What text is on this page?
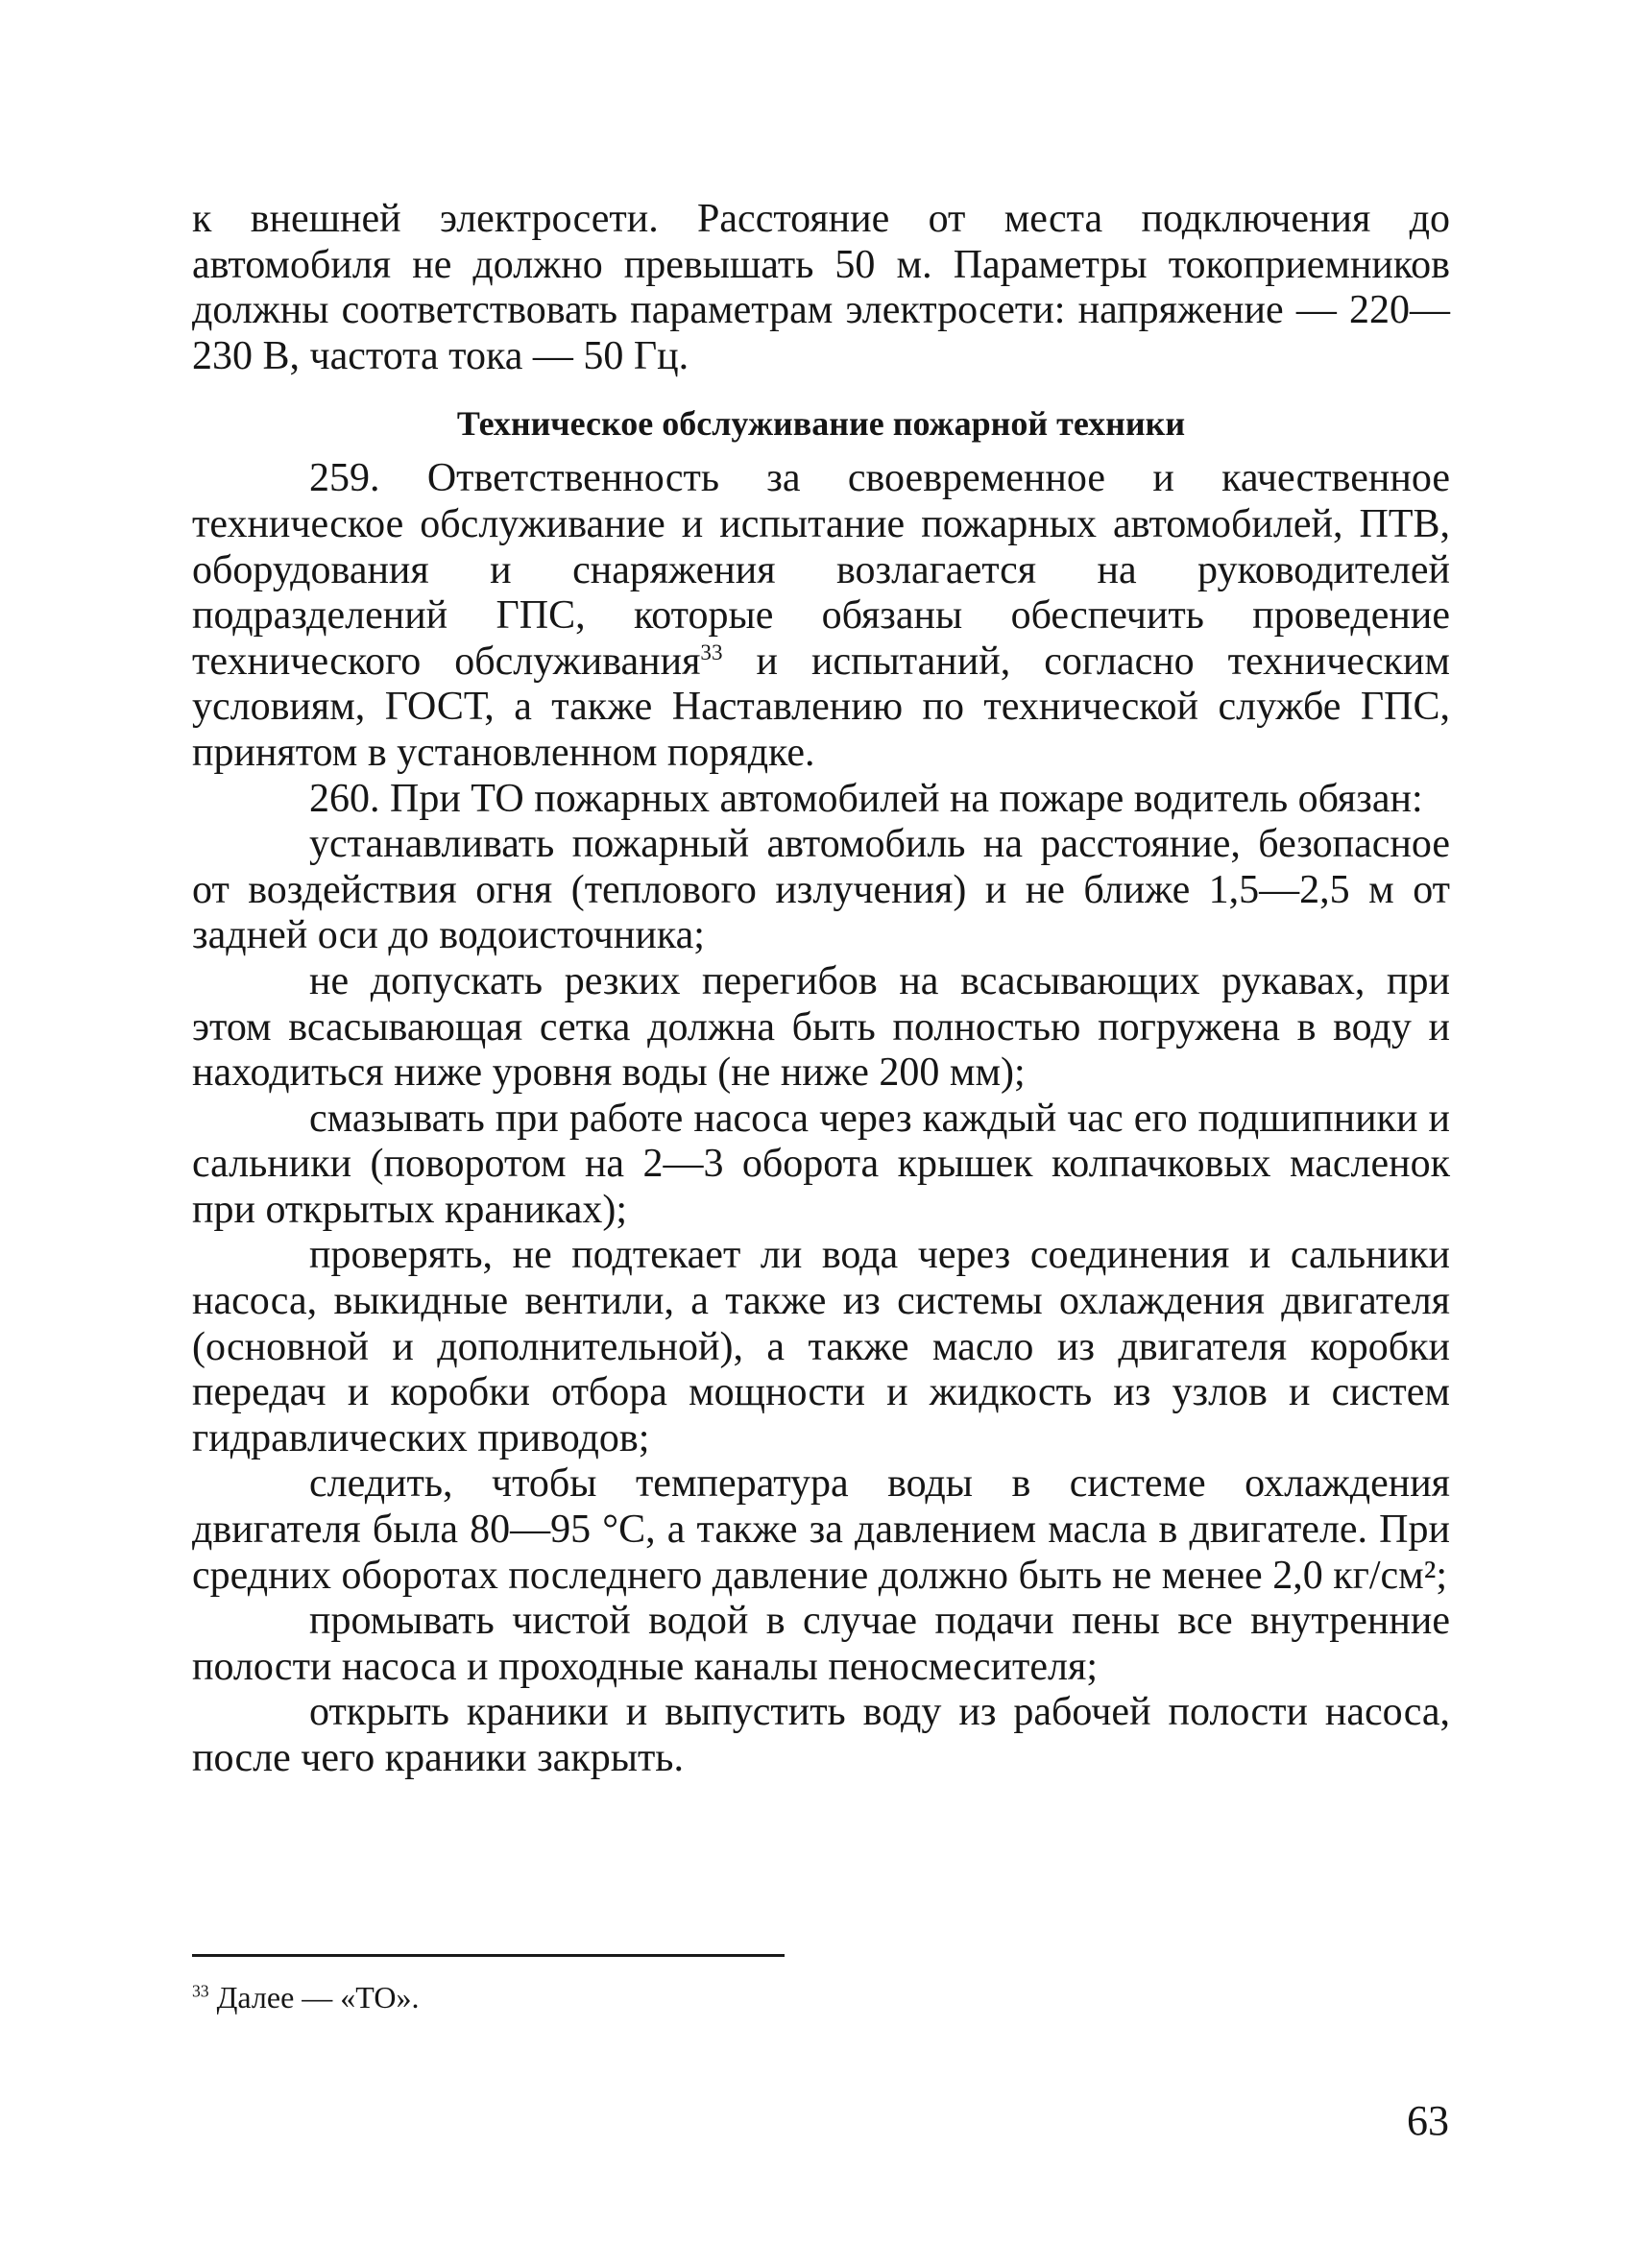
к внешней электросети. Расстояние от места подключения до автомобиля не должно превышать 50 м. Параметры токоприемников должны соответствовать параметрам электросети: напряжение — 220—230 В, частота тока — 50 Гц.

Техническое обслуживание пожарной техники

259. Ответственность за своевременное и качественное техническое обслуживание и испытание пожарных автомобилей, ПТВ, оборудования и снаряжения возлагается на руководителей подразделений ГПС, которые обязаны обеспечить проведение технического обслуживания$^{33}$ и испытаний, согласно техническим условиям, ГОСТ, а также Наставлению по технической службе ГПС, принятом в установленном порядке.

260. При ТО пожарных автомобилей на пожаре водитель обязан:

устанавливать пожарный автомобиль на расстояние, безопасное от воздействия огня (теплового излучения) и не ближе 1,5—2,5 м от задней оси до водоисточника;

не допускать резких перегибов на всасывающих рукавах, при этом всасывающая сетка должна быть полностью погружена в воду и находиться ниже уровня воды (не ниже 200 мм);

смазывать при работе насоса через каждый час его подшипники и сальники (поворотом на 2—3 оборота крышек колпачковых масленок при открытых краниках);

проверять, не подтекает ли вода через соединения и сальники насоса, выкидные вентили, а также из системы охлаждения двигателя (основной и дополнительной), а также масло из двигателя коробки передач и коробки отбора мощности и жидкость из узлов и систем гидравлических приводов;

следить, чтобы температура воды в системе охлаждения двигателя была 80—95 °С, а также за давлением масла в двигателе. При средних оборотах последнего давление должно быть не менее 2,0 кг/см²;

промывать чистой водой в случае подачи пены все внутренние полости насоса и проходные каналы пеносмесителя;

открыть краники и выпустить воду из рабочей полости насоса, после чего краники закрыть.

$^{33}$ Далее — «ТО».
63
